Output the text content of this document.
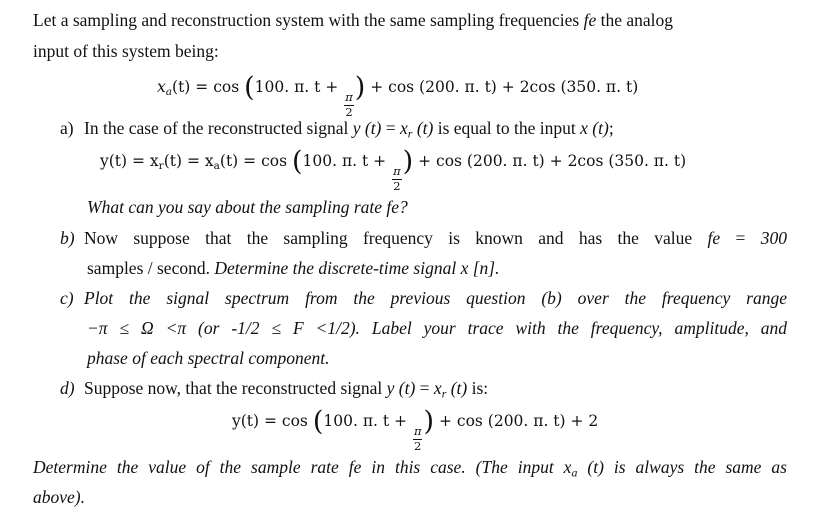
Let a sampling and reconstruction system with the same sampling frequencies fe the analog
input of this system being:
$x_a(t) = \cos (100$. π. t +
$\frac{\pi}{2}$
) + cos (200. π. t) + 2cos (350. π. t)
a) In the case of the reconstructed signal y $(t) = x_r$ (t) is equal to the input x (t);
$y(t) = x_r(t) = x_a(t) = \cos (100$. π. t +
$\frac{\pi}{2}$
) + cos (200. π. t) + 2cos (350. π. t)
What can you say about the sampling rate fe?
b) Now suppose that the sampling frequency is known and has the value fe = 300
samples / second. Determine the discrete-time signal x [n].
c) Plot the signal spectrum from the previous question (b) over the frequency range
−π ≤ Ω <π (or -1/2 ≤ F <1/2). Label your trace with the frequency, amplitude, and
phase of each spectral component.
d) Suppose now, that the reconstructed signal y $(t) = x_r$ (t) is:
y(t) = cos (100. π. t +
$\frac{\pi}{2}$
) + cos (200. π. t) + 2
Determine the value of the sample rate fe in this case. (The input $x_a$ (t) is always the same as
above).
